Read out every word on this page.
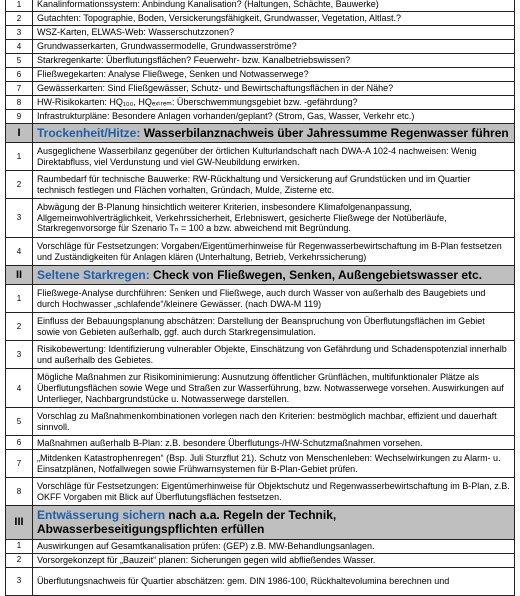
1	Kanalinformationssystem: Anbindung Kanalisation? (Haltungen, Schächte, Bauwerke)
2	Gutachten: Topographie, Boden, Versickerungsfähigkeit, Grundwasser, Vegetation, Altlast.?
3	WSZ-Karten, ELWAS-Web: Wasserschutzzonen?
4	Grundwasserkarten, Grundwassermodelle, Grundwasserströme?
5	Starkregenkarte: Überflutungsflächen? Feuerwehr- bzw. Kanalbetriebswissen?
6	Fließwegekarten: Analyse Fließwege, Senken und Notwasserwege?
7	Gewässerkarten: Sind Fließgewässer, Schutz- und Bewirtschaftungsflächen in der Nähe?
8	HW-Risikokarten: HQ₁₀₀, HQₑₓₜᵣₑₘ: Überschwemmungsgebiet bzw. -gefährdung?
9	Infrastrukturpläne: Besondere Anlagen vorhanden/geplant? (Strom, Gas, Wasser, Verkehr etc.)
I	Trockenheit/Hitze: Wasserbilanznachweis über Jahressumme Regenwasser führen
1	Ausgeglichene Wasserbilanz gegenüber der örtlichen Kulturlandschaft nach DWA-A 102-4 nachweisen: Wenig Direktabfluss, viel Verdunstung und viel GW-Neubildung erwirken.
2	Raumbedarf für technische Bauwerke: RW-Rückhaltung und Versickerung auf Grundstücken und im Quartier technisch festlegen und Flächen vorhalten, Gründach, Mulde, Zisterne etc.
3	Abwägung der B-Planung hinsichtlich weiterer Kriterien, insbesondere Klimafolgenanpassung, Allgemeinwohlverträglichkeit, Verkehrssicherheit, Erlebniswert, gesicherte Fließwege der Notüberläufe, Starkregenvorsorge für Szenario Tₙ = 100 a bzw. abweichend mit Begründung.
4	Vorschläge für Festsetzungen: Vorgaben/Eigentümerhinweise für Regenwasserbewirtschaftung im B-Plan festsetzen und Zuständigkeiten für Anlagen klären (Unterhaltung, Betrieb, Verkehrssicherung)
II	Seltene Starkregen: Check von Fließwegen, Senken, Außengebietswasser etc.
1	Fließwege-Analyse durchführen: Senken und Fließwege, auch durch Wasser von außerhalb des Baugebiets und durch Hochwasser „schlafende“/kleinere Gewässer. (nach DWA-M 119)
2	Einfluss der Bebauungsplanung abschätzen: Darstellung der Beanspruchung von Überflutungsflächen im Gebiet sowie von Gebieten außerhalb, ggf. auch durch Starkregensimulation.
3	Risikobewertung: Identifizierung vulnerabler Objekte, Einschätzung von Gefährdung und Schadenspotenzial innerhalb und außerhalb des Gebietes.
4	Mögliche Maßnahmen zur Risikominimierung: Ausnutzung öffentlicher Grünflächen, multifunktionaler Plätze als Überflutungsflächen sowie Wege und Straßen zur Wasserführung, bzw. Notwasserwege vorsehen. Auswirkungen auf Unterlieger, Nachbargrundstücke u. Notwasserwege darstellen.
5	Vorschlag zu Maßnahmenkombinationen vorlegen nach den Kriterien: bestmöglich machbar, effizient und dauerhaft sinnvoll.
6	Maßnahmen außerhalb B-Plan: z.B. besondere Überflutungs-/HW-Schutzmaßnahmen vorsehen.
7	„Mitdenken Katastrophenregen“ (Bsp. Juli Sturzflut 21). Schutz von Menschenleben: Wechselwirkungen zu Alarm- u. Einsatzplänen, Notfallwegen sowie Frühwarnsystemen für B-Plan-Gebiet prüfen.
8	Vorschläge für Festsetzungen: Eigentümerhinweise für Objektschutz und Regenwasserbewirtschaftung im B-Plan, z.B. OKFF Vorgaben mit Blick auf Überflutungsflächen festsetzen.
III	Entwässerung sichern nach a.a. Regeln der Technik, Abwasserbeseitigungspflichten erfüllen
1	Auswirkungen auf Gesamtkanalisation prüfen: (GEP) z.B. MW-Behandlungsanlagen.
2	Vorsorgekonzept für „Bauzeit“ planen: Sicherungen gegen wild abfließendes Wasser.
3	Überflutungsnachweis für Quartier abschätzen: gem. DIN 1986-100, Rückhaltevolumina berechnen und
